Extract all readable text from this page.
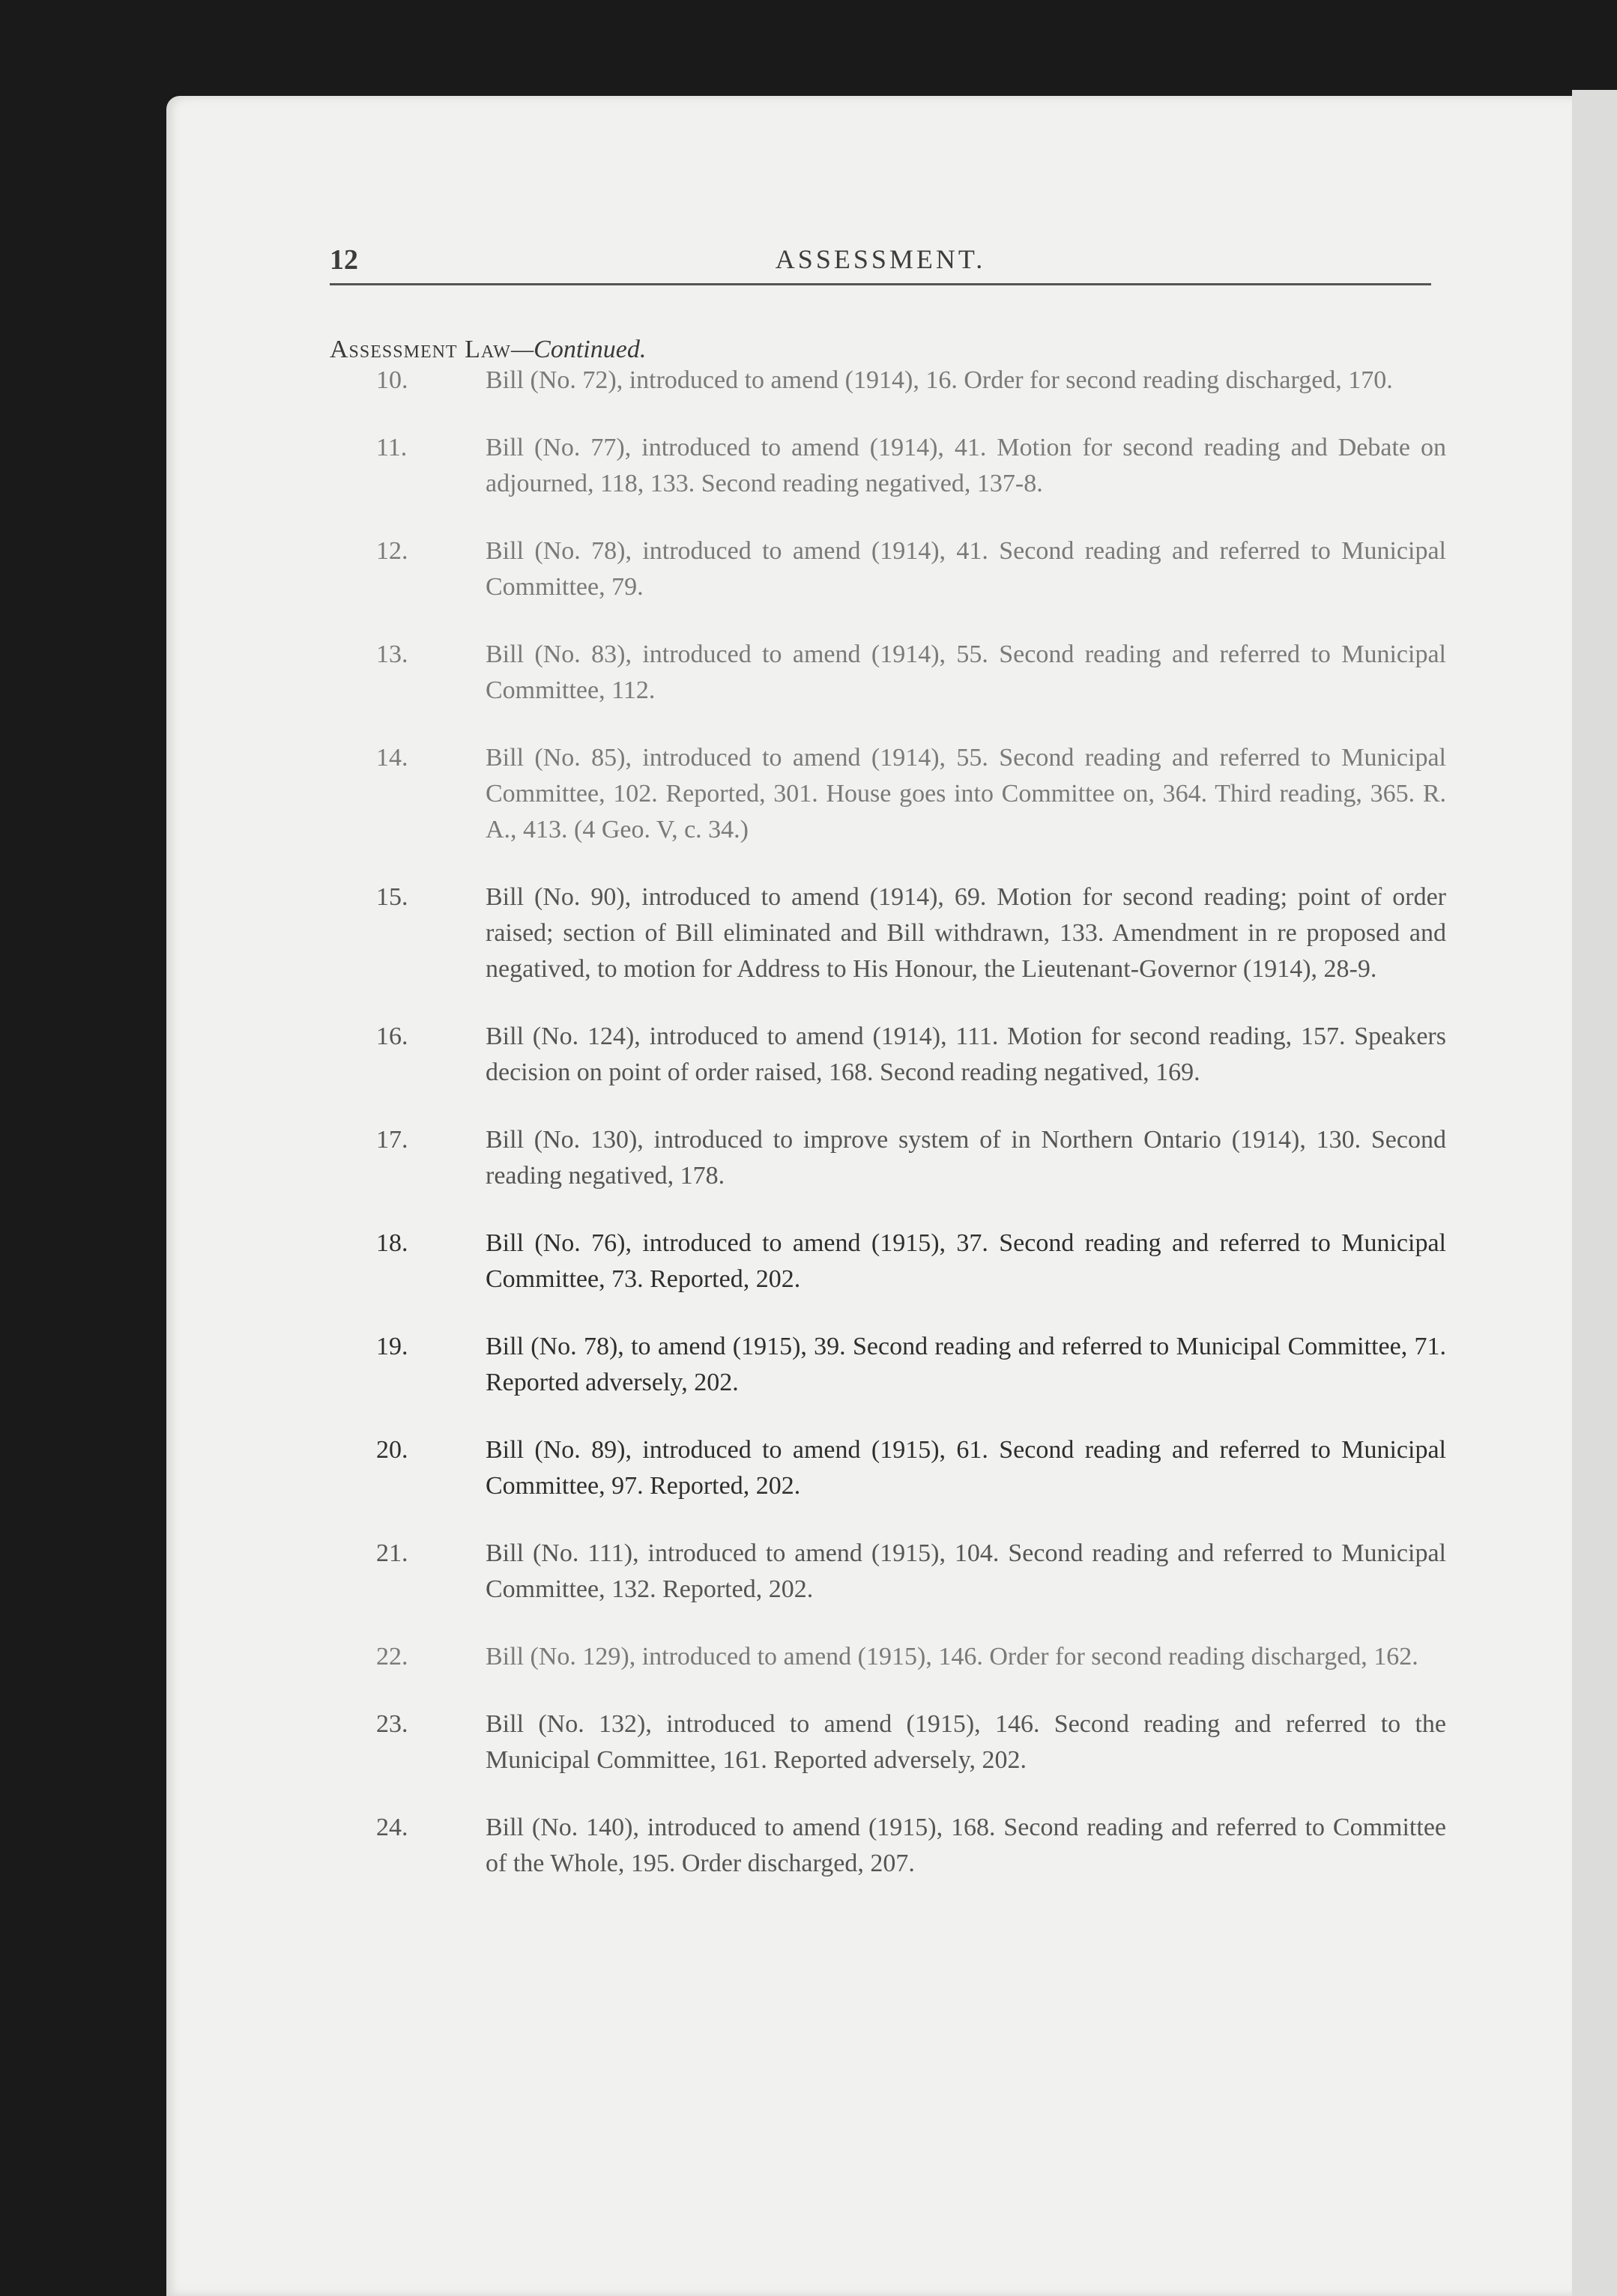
12	ASSESSMENT.
Assessment Law—Continued.
10.	Bill (No. 72), introduced to amend (1914), 16. Order for second reading discharged, 170.
11.	Bill (No. 77), introduced to amend (1914), 41. Motion for second reading and Debate on adjourned, 118, 133. Second reading negatived, 137-8.
12.	Bill (No. 78), introduced to amend (1914), 41. Second reading and referred to Municipal Committee, 79.
13.	Bill (No. 83), introduced to amend (1914), 55. Second reading and referred to Municipal Committee, 112.
14.	Bill (No. 85), introduced to amend (1914), 55. Second reading and referred to Municipal Committee, 102. Reported, 301. House goes into Committee on, 364. Third reading, 365. R. A., 413. (4 Geo. V, c. 34.)
15.	Bill (No. 90), introduced to amend (1914), 69. Motion for second reading; point of order raised; section of Bill eliminated and Bill withdrawn, 133. Amendment in re proposed and negatived, to motion for Address to His Honour, the Lieutenant-Governor (1914), 28-9.
16.	Bill (No. 124), introduced to amend (1914), 111. Motion for second reading, 157. Speakers decision on point of order raised, 168. Second reading negatived, 169.
17.	Bill (No. 130), introduced to improve system of in Northern Ontario (1914), 130. Second reading negatived, 178.
18.	Bill (No. 76), introduced to amend (1915), 37. Second reading and referred to Municipal Committee, 73. Reported, 202.
19.	Bill (No. 78), to amend (1915), 39. Second reading and referred to Municipal Committee, 71. Reported adversely, 202.
20.	Bill (No. 89), introduced to amend (1915), 61. Second reading and referred to Municipal Committee, 97. Reported, 202.
21.	Bill (No. 111), introduced to amend (1915), 104. Second reading and referred to Municipal Committee, 132. Reported, 202.
22.	Bill (No. 129), introduced to amend (1915), 146. Order for second reading discharged, 162.
23.	Bill (No. 132), introduced to amend (1915), 146. Second reading and referred to the Municipal Committee, 161. Reported adversely, 202.
24.	Bill (No. 140), introduced to amend (1915), 168. Second reading and referred to Committee of the Whole, 195. Order discharged, 207.
